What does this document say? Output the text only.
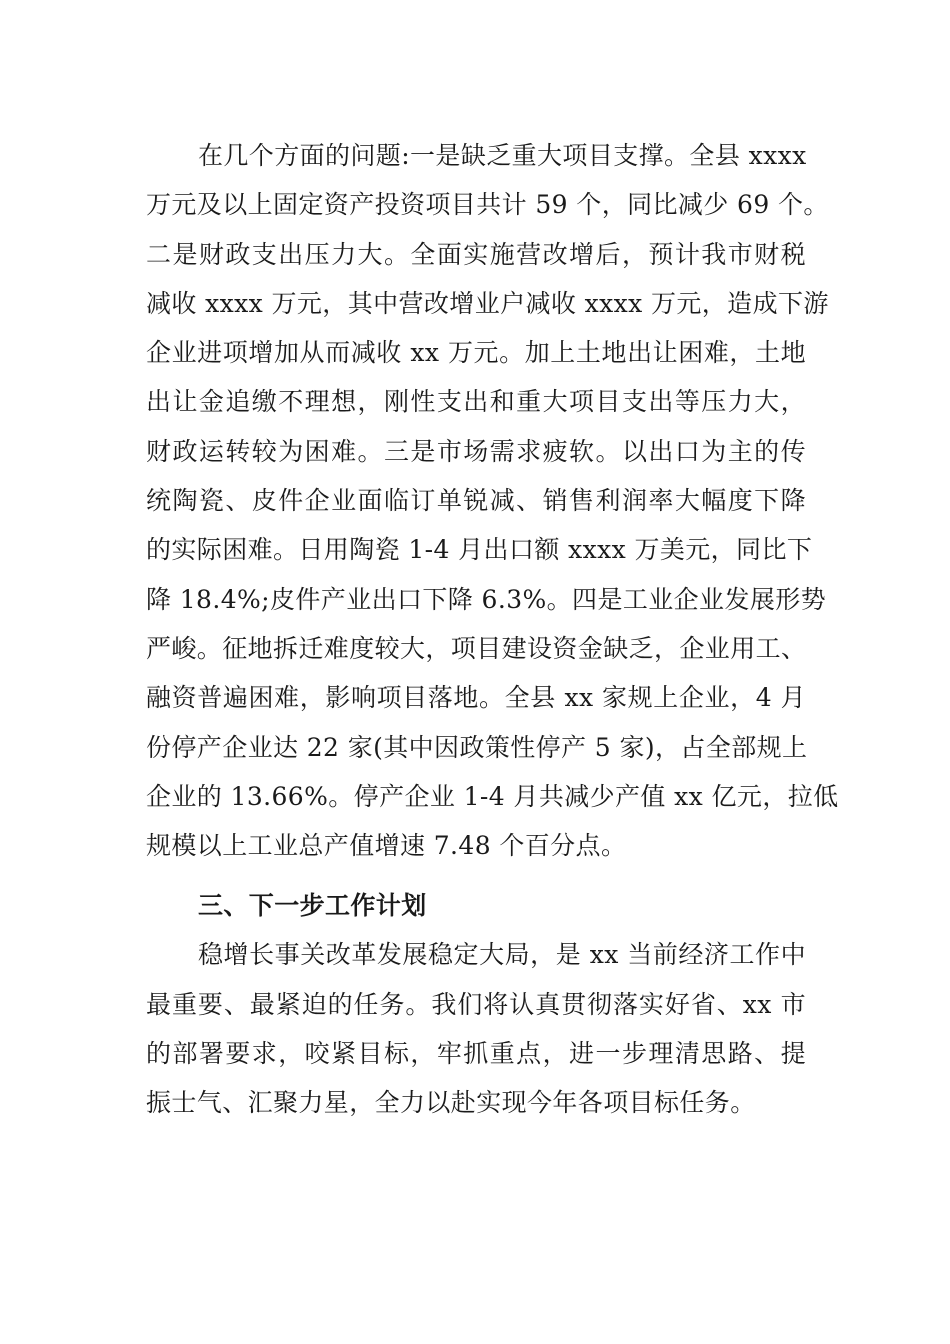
在几个方面的问题:一是缺乏重大项目支撑。全县 xxxx
万元及以上固定资产投资项目共计 59 个，同比减少 69 个。
二是财政支出压力大。全面实施营改增后，预计我市财税
减收 xxxx 万元，其中营改增业户减收 xxxx 万元，造成下游
企业进项增加从而减收 xx 万元。加上土地出让困难，土地
出让金追缴不理想，刚性支出和重大项目支出等压力大，
财政运转较为困难。三是市场需求疲软。以出口为主的传
统陶瓷、皮件企业面临订单锐减、销售利润率大幅度下降
的实际困难。日用陶瓷 1-4 月出口额 xxxx 万美元，同比下
降 18.4%;皮件产业出口下降 6.3%。四是工业企业发展形势
严峻。征地拆迁难度较大，项目建设资金缺乏，企业用工、
融资普遍困难，影响项目落地。全县 xx 家规上企业，4 月
份停产企业达 22 家(其中因政策性停产 5 家)，占全部规上
企业的 13.66%。停产企业 1-4 月共减少产值 xx 亿元，拉低
规模以上工业总产值增速 7.48 个百分点。
三、下一步工作计划
稳增长事关改革发展稳定大局，是 xx 当前经济工作中
最重要、最紧迫的任务。我们将认真贯彻落实好省、xx 市
的部署要求，咬紧目标，牢抓重点，进一步理清思路、提
振士气、汇聚力星，全力以赴实现今年各项目标任务。
